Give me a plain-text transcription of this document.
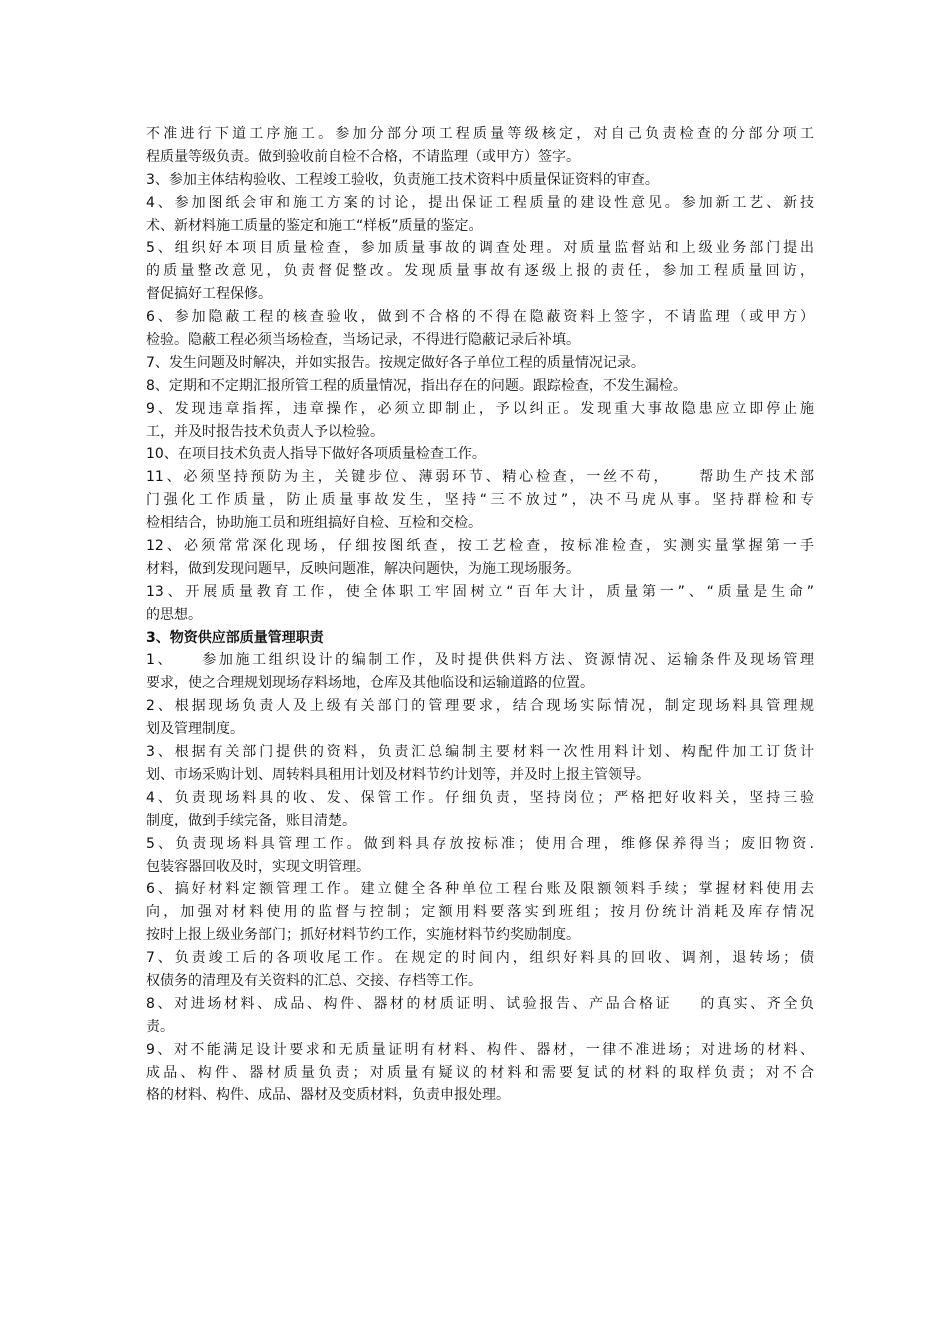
不准进行下道工序施工。参加分部分项工程质量等级核定，对自己负责检查的分部分项工
程质量等级负责。做到验收前自检不合格，不请监理（或甲方）签字。
3、参加主体结构验收、工程竣工验收，负责施工技术资料中质量保证资料的审查。
4、参加图纸会审和施工方案的讨论，提出保证工程质量的建设性意见。参加新工艺、新技
术、新材料施工质量的鉴定和施工“样板”质量的鉴定。
5、组织好本项目质量检查，参加质量事故的调查处理。对质量监督站和上级业务部门提出
的质量整改意见，负责督促整改。发现质量事故有逐级上报的责任，参加工程质量回访，
督促搞好工程保修。
6、参加隐蔽工程的核查验收，做到不合格的不得在隐蔽资料上签字，不请监理（或甲方）
检验。隐蔽工程必须当场检查，当场记录，不得进行隐蔽记录后补填。
7、发生问题及时解决，并如实报告。按规定做好各子单位工程的质量情况记录。
8、定期和不定期汇报所管工程的质量情况，指出存在的问题。跟踪检查，不发生漏检。
9、发现违章指挥，违章操作，必须立即制止，予以纠正。发现重大事故隐患应立即停止施
工，并及时报告技术负责人予以检验。
10、在项目技术负责人指导下做好各项质量检查工作。
11、必须坚持预防为主，关键步位、薄弱环节、精心检查，一丝不苟，    帮助生产技术部
门强化工作质量，防止质量事故发生，坚持“三不放过”，决不马虎从事。坚持群检和专
检相结合，协助施工员和班组搞好自检、互检和交检。
12、必须常常深化现场，仔细按图纸查，按工艺检查，按标准检查，实测实量掌握第一手
材料，做到发现问题早，反映问题准，解决问题快，为施工现场服务。
13、开展质量教育工作，使全体职工牢固树立“百年大计，质量第一”、“质量是生命”
的思想。
3、物资供应部质量管理职责
1、    参加施工组织设计的编制工作，及时提供供料方法、资源情况、运输条件及现场管理
要求，使之合理规划现场存料场地，仓库及其他临设和运输道路的位置。
2、根据现场负责人及上级有关部门的管理要求，结合现场实际情况，制定现场料具管理规
划及管理制度。
3、根据有关部门提供的资料，负责汇总编制主要材料一次性用料计划、构配件加工订货计
划、市场采购计划、周转料具租用计划及材料节约计划等，并及时上报主管领导。
4、负责现场料具的收、发、保管工作。仔细负责，坚持岗位；严格把好收料关，坚持三验
制度，做到手续完备，账目清楚。
5、负责现场料具管理工作。做到料具存放按标准；使用合理，维修保养得当；废旧物资.
包装容器回收及时，实现文明管理。
6、搞好材料定额管理工作。建立健全各种单位工程台账及限额领料手续；掌握材料使用去
向，加强对材料使用的监督与控制；定额用料要落实到班组；按月份统计消耗及库存情况
按时上报上级业务部门；抓好材料节约工作，实施材料节约奖励制度。
7、负责竣工后的各项收尾工作。在规定的时间内，组织好料具的回收、调剂，退转场；债
权债务的清理及有关资料的汇总、交接、存档等工作。
8、对进场材料、成品、构件、器材的材质证明、试验报告、产品合格证    的真实、齐全负
责。
9、对不能满足设计要求和无质量证明有材料、构件、器材，一律不准进场；对进场的材料、
成品、构件、器材质量负责；对质量有疑议的材料和需要复试的材料的取样负责；对不合
格的材料、构件、成品、器材及变质材料，负责申报处理。
